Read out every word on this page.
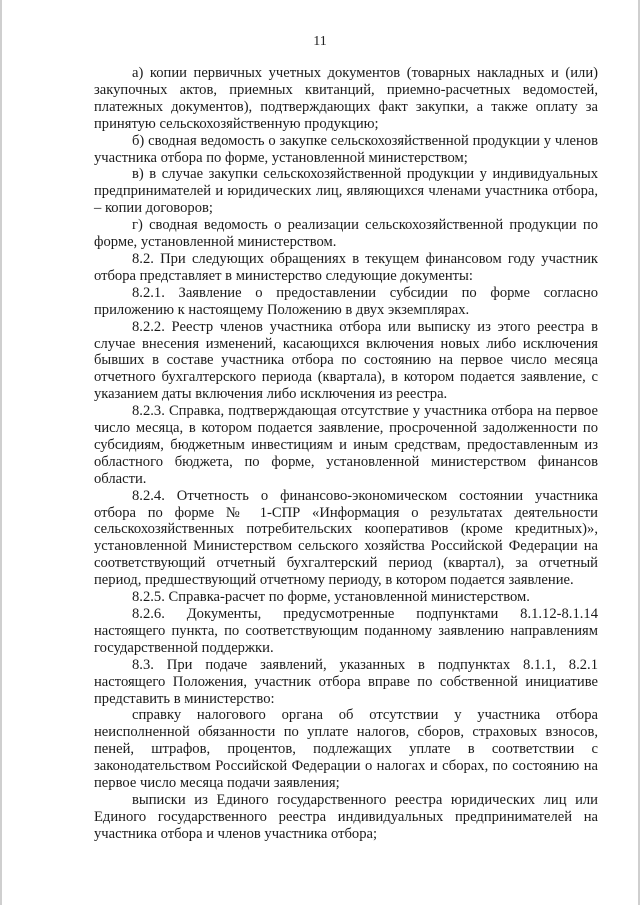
11

а) копии первичных учетных документов (товарных накладных и (или) закупочных актов, приемных квитанций, приемно-расчетных ведомостей, платежных документов), подтверждающих факт закупки, а также оплату за принятую сельскохозяйственную продукцию;

б) сводная ведомость о закупке сельскохозяйственной продукции у членов участника отбора по форме, установленной министерством;

в) в случае закупки сельскохозяйственной продукции у индивидуальных предпринимателей и юридических лиц, являющихся членами участника отбора, – копии договоров;

г) сводная ведомость о реализации сельскохозяйственной продукции по форме, установленной министерством.

8.2. При следующих обращениях в текущем финансовом году участник отбора представляет в министерство следующие документы:

8.2.1. Заявление о предоставлении субсидии по форме согласно приложению к настоящему Положению в двух экземплярах.

8.2.2. Реестр членов участника отбора или выписку из этого реестра в случае внесения изменений, касающихся включения новых либо исключения бывших в составе участника отбора по состоянию на первое число месяца отчетного бухгалтерского периода (квартала), в котором подается заявление, с указанием даты включения либо исключения из реестра.

8.2.3. Справка, подтверждающая отсутствие у участника отбора на первое число месяца, в котором подается заявление, просроченной задолженности по субсидиям, бюджетным инвестициям и иным средствам, предоставленным из областного бюджета, по форме, установленной министерством финансов области.

8.2.4. Отчетность о финансово-экономическом состоянии участника отбора по форме № 1-СПР «Информация о результатах деятельности сельскохозяйственных потребительских кооперативов (кроме кредитных)», установленной Министерством сельского хозяйства Российской Федерации на соответствующий отчетный бухгалтерский период (квартал), за отчетный период, предшествующий отчетному периоду, в котором подается заявление.

8.2.5. Справка-расчет по форме, установленной министерством.

8.2.6. Документы, предусмотренные подпунктами 8.1.12-8.1.14 настоящего пункта, по соответствующим поданному заявлению направлениям государственной поддержки.

8.3. При подаче заявлений, указанных в подпунктах 8.1.1, 8.2.1 настоящего Положения, участник отбора вправе по собственной инициативе представить в министерство:

справку налогового органа об отсутствии у участника отбора неисполненной обязанности по уплате налогов, сборов, страховых взносов, пеней, штрафов, процентов, подлежащих уплате в соответствии с законодательством Российской Федерации о налогах и сборах, по состоянию на первое число месяца подачи заявления;

выписки из Единого государственного реестра юридических лиц или Единого государственного реестра индивидуальных предпринимателей на участника отбора и членов участника отбора;
